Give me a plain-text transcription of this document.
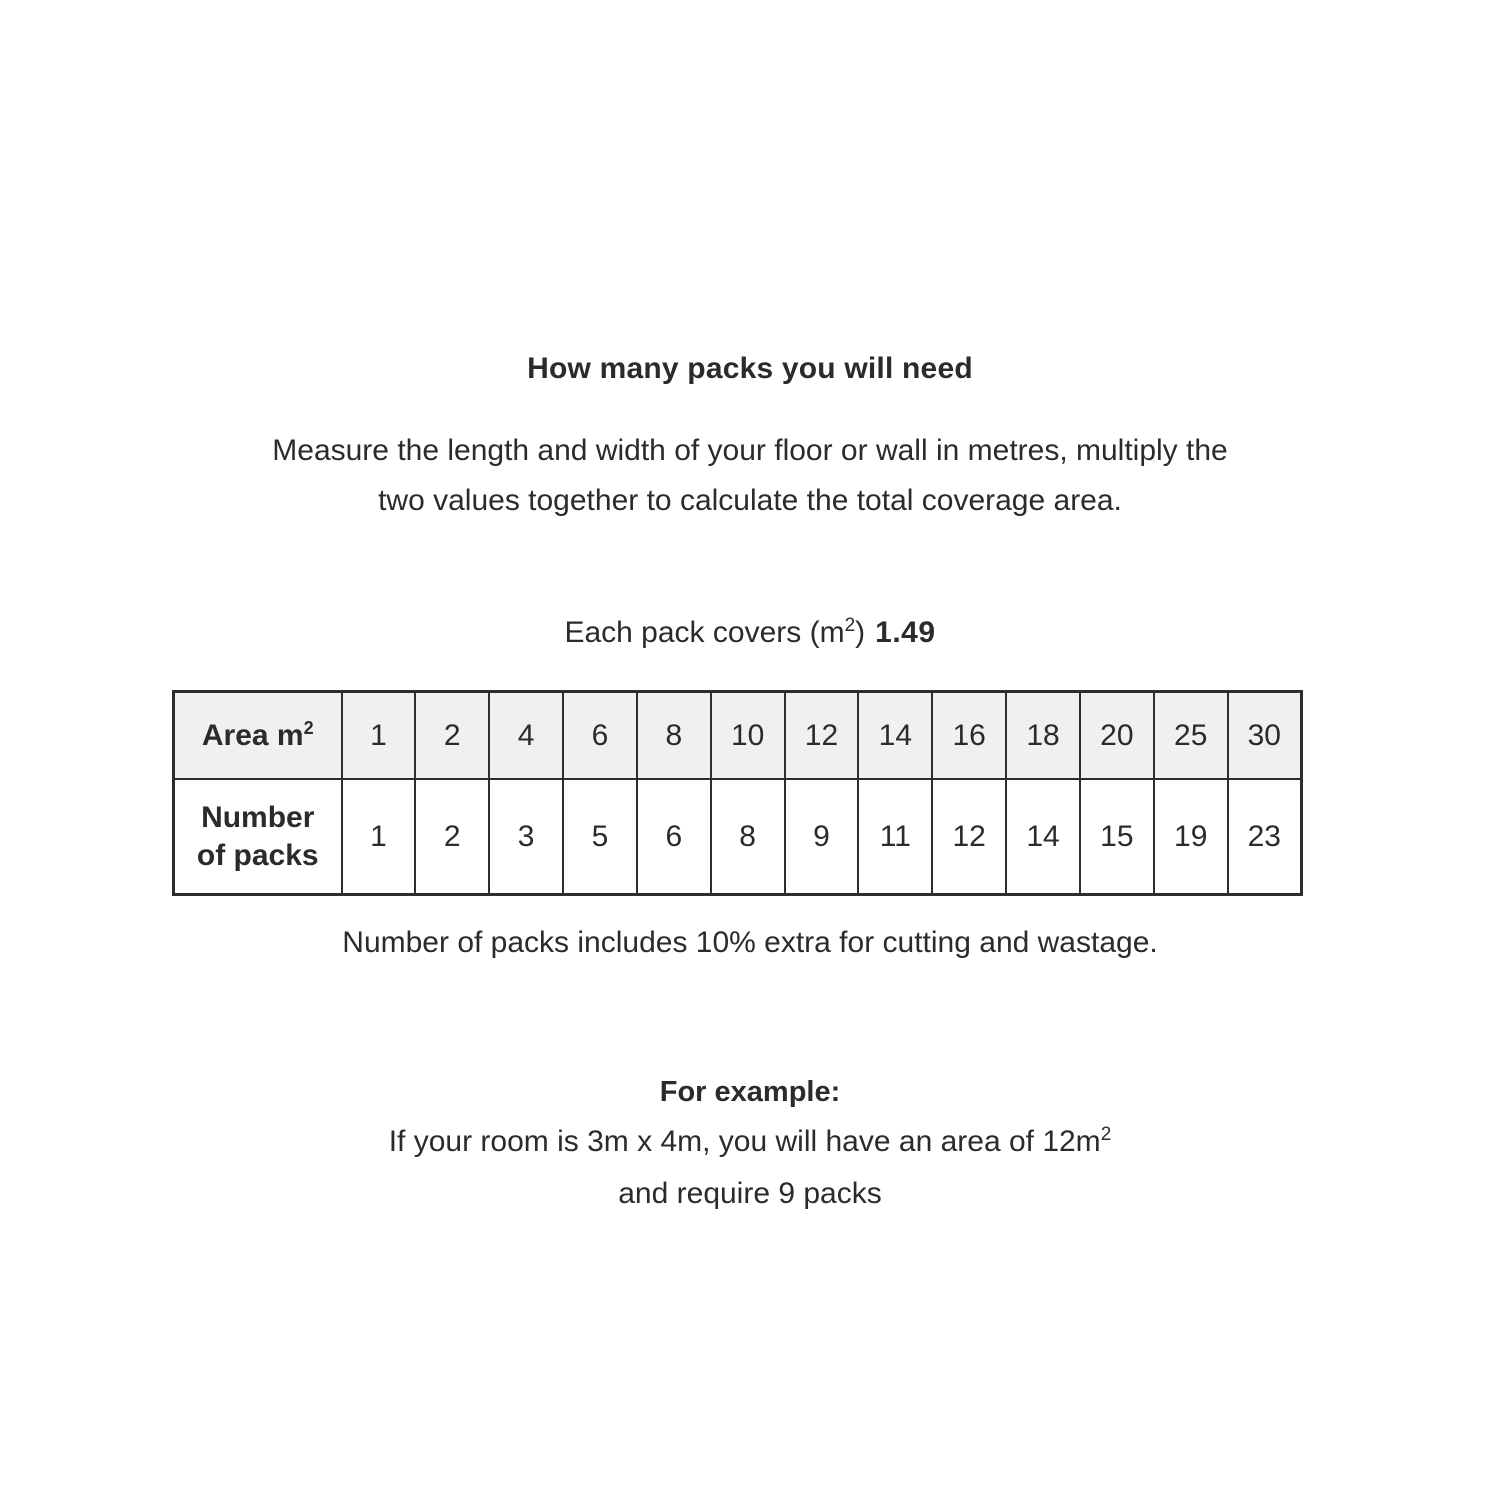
How many packs you will need
Measure the length and width of your floor or wall in metres, multiply the
two values together to calculate the total coverage area.
Each pack covers $(m^2)$ 1.49
Area $m^2$	1	2	4	6	8	10	12	14	16	18	20	25	30
Number
of packs	1	2	3	5	6	8	9	11	12	14	15	19	23
Number of packs includes 10% extra for cutting and wastage.
For example:
If your room is 3m x 4m, you will have an area of $12m^2$
and require 9 packs
